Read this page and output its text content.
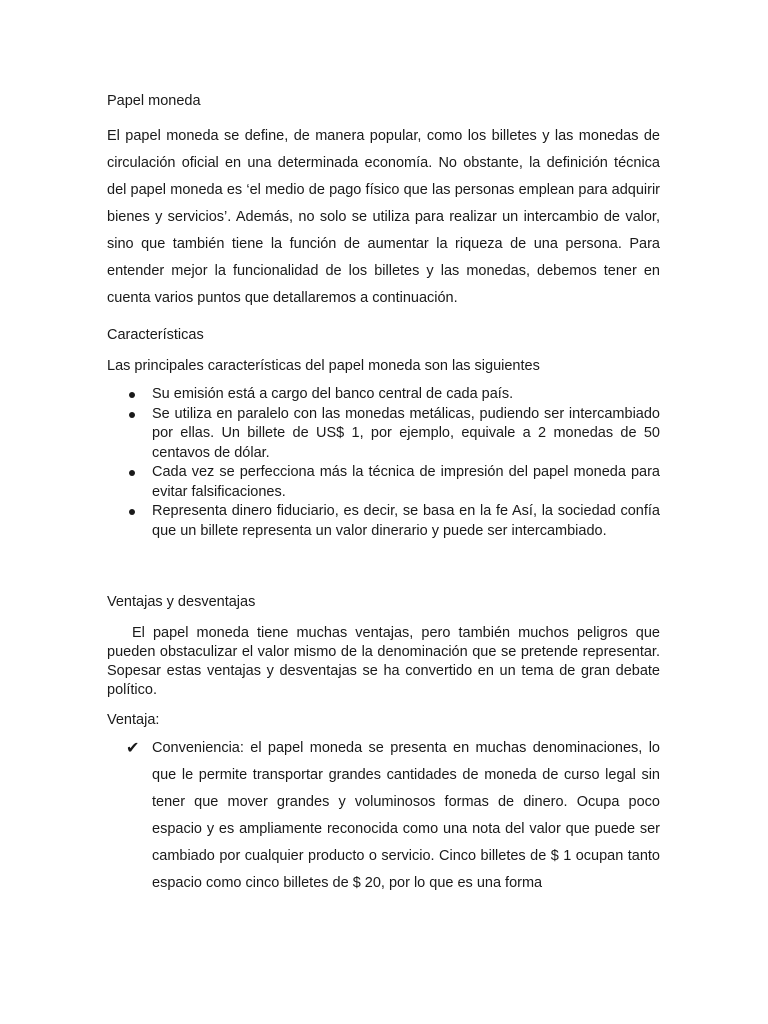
Papel moneda

El papel moneda se define, de manera popular, como los billetes y las monedas de circulación oficial en una determinada economía. No obstante, la definición técnica del papel moneda es ‘el medio de pago físico que las personas emplean para adquirir bienes y servicios’. Además, no solo se utiliza para realizar un intercambio de valor, sino que también tiene la función de aumentar la riqueza de una persona. Para entender mejor la funcionalidad de los billetes y las monedas, debemos tener en cuenta varios puntos que detallaremos a continuación.

Características

Las principales características del papel moneda son las siguientes

Su emisión está a cargo del banco central de cada país.
Se utiliza en paralelo con las monedas metálicas, pudiendo ser intercambiado por ellas. Un billete de US$ 1, por ejemplo, equivale a 2 monedas de 50 centavos de dólar.
Cada vez se perfecciona más la técnica de impresión del papel moneda para evitar falsificaciones.
Representa dinero fiduciario, es decir, se basa en la fe Así, la sociedad confía que un billete representa un valor dinerario y puede ser intercambiado.
Ventajas y desventajas

El papel moneda tiene muchas ventajas, pero también muchos peligros que pueden obstaculizar el valor mismo de la denominación que se pretende representar. Sopesar estas ventajas y desventajas se ha convertido en un tema de gran debate político.

Ventaja:

✔ Conveniencia: el papel moneda se presenta en muchas denominaciones, lo que le permite transportar grandes cantidades de moneda de curso legal sin tener que mover grandes y voluminosos formas de dinero. Ocupa poco espacio y es ampliamente reconocida como una nota del valor que puede ser cambiado por cualquier producto o servicio. Cinco billetes de $ 1 ocupan tanto espacio como cinco billetes de $ 20, por lo que es una forma
